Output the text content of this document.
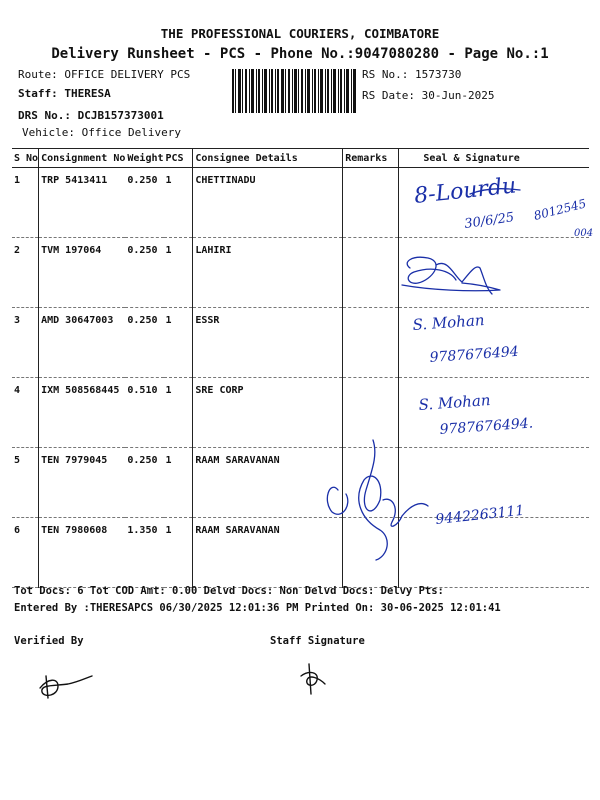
THE PROFESSIONAL COURIERS, COIMBATORE
Delivery Runsheet - PCS - Phone No.:9047080280 - Page No.:1
Route: OFFICE DELIVERY PCS
Staff: THERESA
DRS No.: DCJB157373001
Vehicle: Office Delivery
RS No.: 1573730
RS Date: 30-Jun-2025
S No	Consignment No	Weight	PCS	Consignee Details	Remarks	Seal & Signature
1	TRP 5413411	0.250	1	CHETTINADU		
2	TVM 197064	0.250	1	LAHIRI		
3	AMD 30647003	0.250	1	ESSR		
4	IXM 508568445	0.510	1	SRE CORP		
5	TEN 7979045	0.250	1	RAAM SARAVANAN		
6	TEN 7980608	1.350	1	RAAM SARAVANAN		
8-Lourdu
30/6/25 8012545
004
S. Mohan
9787676494
S. Mohan
9787676494.
9442263111
Tot Docs: 6 Tot COD Amt: 0.00 Delvd Docs: Non Delvd Docs: Delvy Pts:
Entered By :THERESAPCS 06/30/2025 12:01:36 PM Printed On: 30-06-2025 12:01:41
Verified By	Staff Signature
